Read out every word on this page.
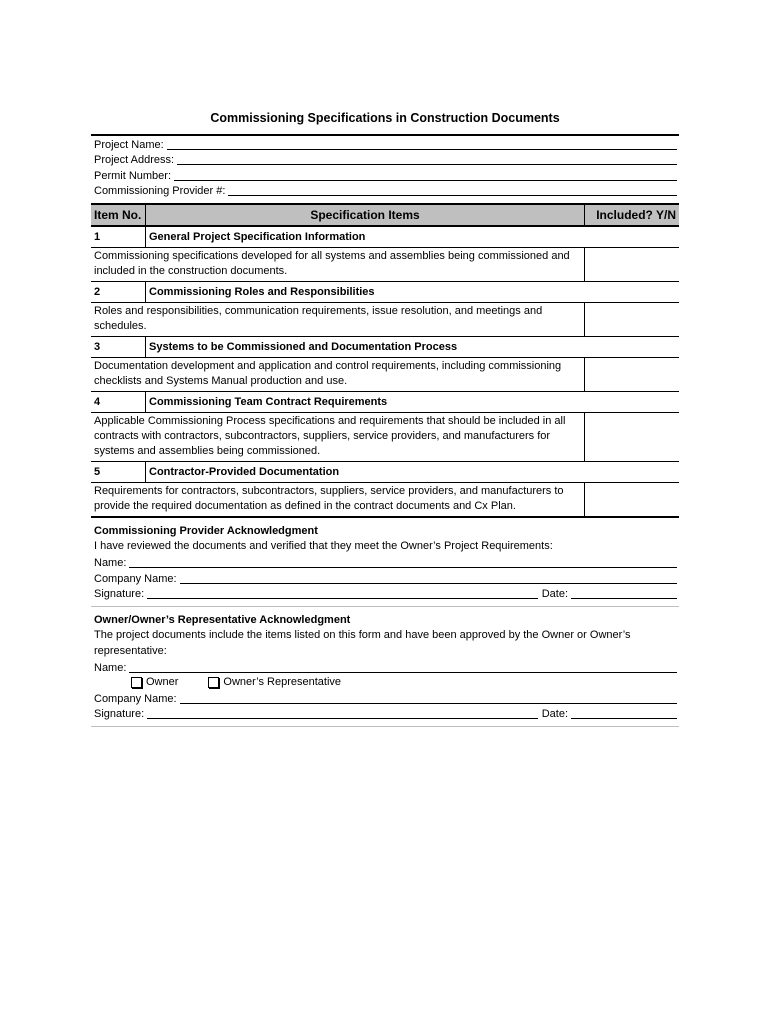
Commissioning Specifications in Construction Documents
Project Name:
Project Address:
Permit Number:
Commissioning Provider #:
Item No.	Specification Items	Included? Y/N
1	General Project Specification Information	
Commissioning specifications developed for all systems and assemblies being commissioned and included in the construction documents.		
2	Commissioning Roles and Responsibilities	
Roles and responsibilities, communication requirements, issue resolution, and meetings and schedules.		
3	Systems to be Commissioned and Documentation Process	
Documentation development and application and control requirements, including commissioning checklists and Systems Manual production and use.		
4	Commissioning Team Contract Requirements	
Applicable Commissioning Process specifications and requirements that should be included in all contracts with contractors, subcontractors, suppliers, service providers, and manufacturers for systems and assemblies being commissioned.		
5	Contractor-Provided Documentation	
Requirements for contractors, subcontractors, suppliers, service providers, and manufacturers to provide the required documentation as defined in the contract documents and Cx Plan.		
Commissioning Provider Acknowledgment
I have reviewed the documents and verified that they meet the Owner’s Project Requirements:
Name:
Company Name:
Signature:	Date:
Owner/Owner’s Representative Acknowledgment
The project documents include the items listed on this form and have been approved by the Owner or Owner’s representative:
Name:
Owner	Owner’s Representative
Company Name:
Signature:	Date:
